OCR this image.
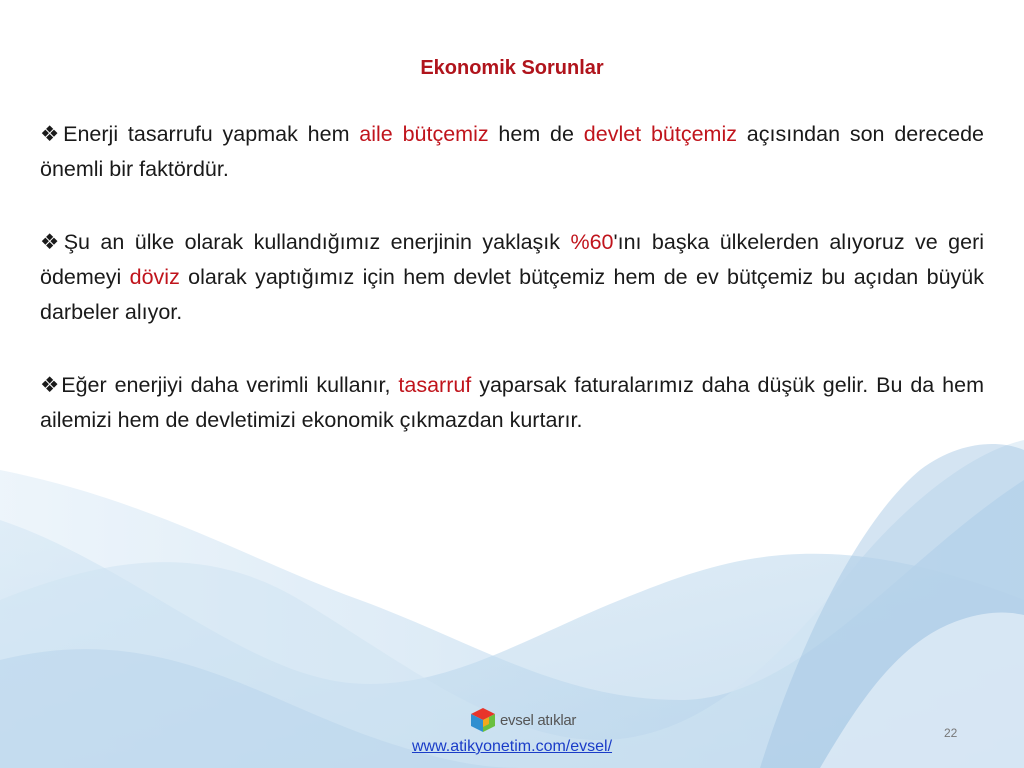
Ekonomik Sorunlar
❖Enerji tasarrufu yapmak hem aile bütçemiz hem de devlet bütçemiz açısından son derecede önemli bir faktördür.
❖Şu an ülke olarak kullandığımız enerjinin yaklaşık %60'ını başka ülkelerden alıyoruz ve geri ödemeyi döviz olarak yaptığımız için hem devlet bütçemiz hem de ev bütçemiz bu açıdan büyük darbeler alıyor.
❖Eğer enerjiyi daha verimli kullanır, tasarruf yaparsak faturalarımız daha düşük gelir. Bu da hem ailemizi hem de devletimizi ekonomik çıkmazdan kurtarır.
evsel atıklar
www.atikyonetim.com/evsel/
22
